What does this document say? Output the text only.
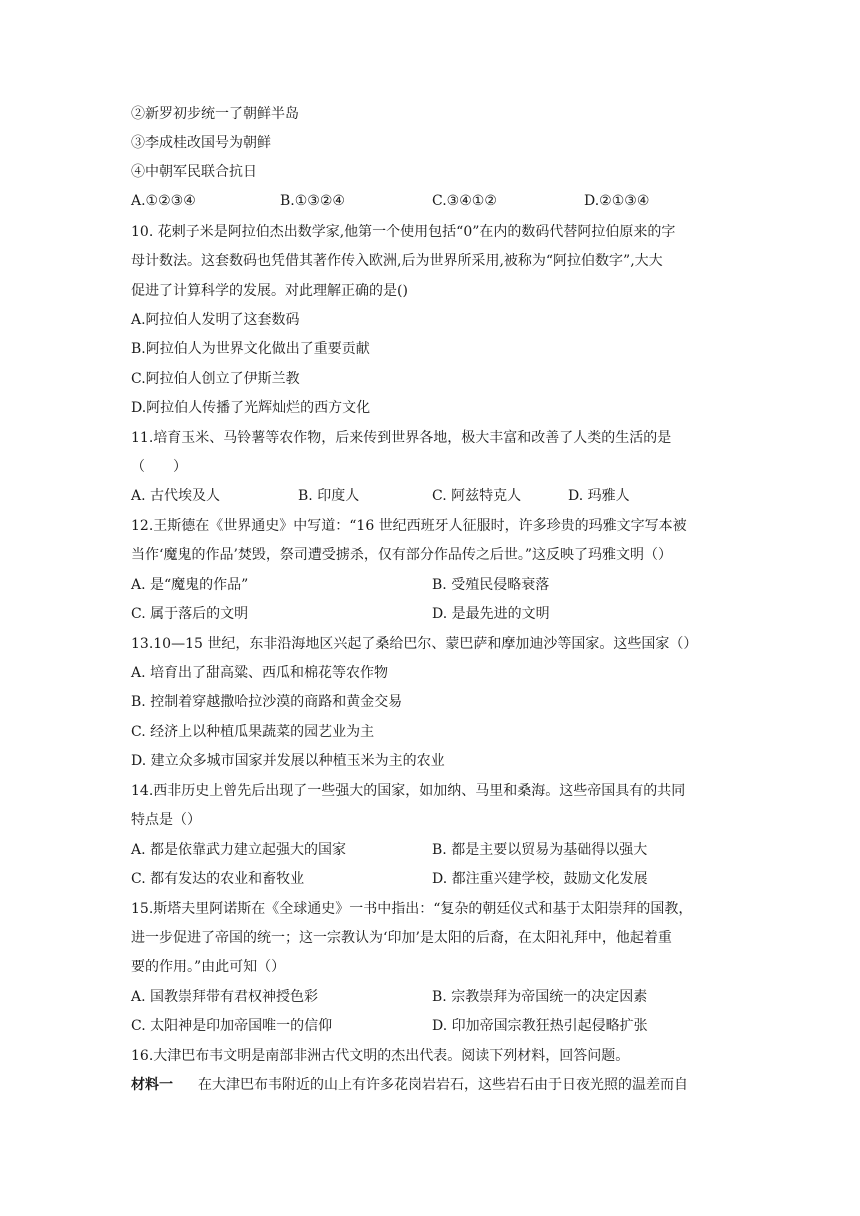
②新罗初步统一了朝鲜半岛
③李成桂改国号为朝鲜
④中朝军民联合抗日
A.①②③④	B.①③②④	C.③④①②	D.②①③④
10. 花剌子米是阿拉伯杰出数学家,他第一个使用包括“0”在内的数码代替阿拉伯原来的字
母计数法。这套数码也凭借其著作传入欧洲,后为世界所采用,被称为“阿拉伯数字”,大大
促进了计算科学的发展。对此理解正确的是()
A.阿拉伯人发明了这套数码
B.阿拉伯人为世界文化做出了重要贡献
C.阿拉伯人创立了伊斯兰教
D.阿拉伯人传播了光辉灿烂的西方文化
11.培育玉米、马铃薯等农作物，后来传到世界各地，极大丰富和改善了人类的生活的是
（　　）
A. 古代埃及人	B. 印度人	C. 阿兹特克人	D. 玛雅人
12.王斯德在《世界通史》中写道：“16 世纪西班牙人征服时，许多珍贵的玛雅文字写本被
当作‘魔鬼的作品’焚毁，祭司遭受掳杀，仅有部分作品传之后世。”这反映了玛雅文明（）
A. 是“魔鬼的作品”	B. 受殖民侵略衰落
C. 属于落后的文明	D. 是最先进的文明
13.10—15 世纪，东非沿海地区兴起了桑给巴尔、蒙巴萨和摩加迪沙等国家。这些国家（）
A. 培育出了甜高粱、西瓜和棉花等农作物
B. 控制着穿越撒哈拉沙漠的商路和黄金交易
C. 经济上以种植瓜果蔬菜的园艺业为主
D. 建立众多城市国家并发展以种植玉米为主的农业
14.西非历史上曾先后出现了一些强大的国家，如加纳、马里和桑海。这些帝国具有的共同
特点是（）
A. 都是依靠武力建立起强大的国家	B. 都是主要以贸易为基础得以强大
C. 都有发达的农业和畜牧业	D. 都注重兴建学校，鼓励文化发展
15.斯塔夫里阿诺斯在《全球通史》一书中指出：“复杂的朝廷仪式和基于太阳崇拜的国教，
进一步促进了帝国的统一；这一宗教认为‘印加’是太阳的后裔，在太阳礼拜中，他起着重
要的作用。”由此可知（）
A. 国教崇拜带有君权神授色彩	B. 宗教崇拜为帝国统一的决定因素
C. 太阳神是印加帝国唯一的信仰	D. 印加帝国宗教狂热引起侵略扩张
16.大津巴布韦文明是南部非洲古代文明的杰出代表。阅读下列材料，回答问题。
材料一 在大津巴布韦附近的山上有许多花岗岩岩石，这些岩石由于日夜光照的温差而自
